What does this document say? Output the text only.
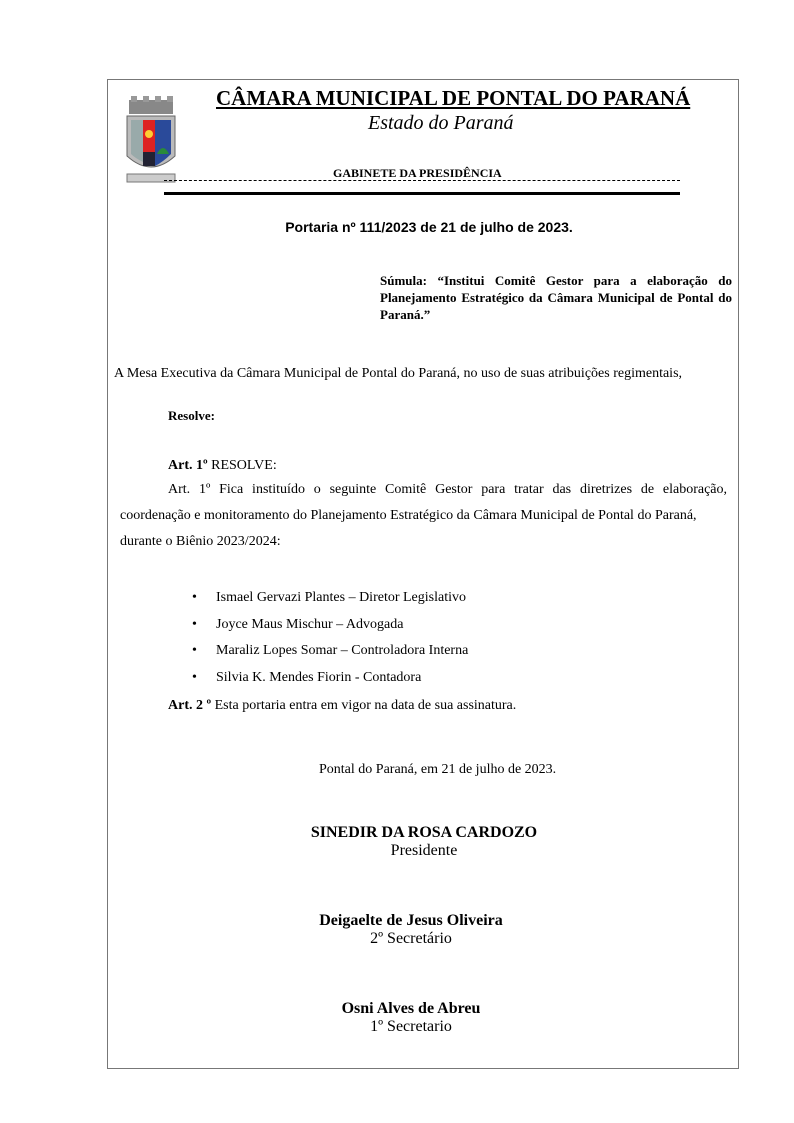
CÂMARA MUNICIPAL DE PONTAL DO PARANÁ
Estado do Paraná
GABINETE DA PRESIDÊNCIA
Portaria nº 111/2023 de 21 de julho de 2023.
Súmula: “Institui Comitê Gestor para a elaboração do Planejamento Estratégico da Câmara Municipal de Pontal do Paraná.”
A Mesa Executiva da Câmara Municipal de Pontal do Paraná, no uso de suas atribuições regimentais,
Resolve:
Art. 1º RESOLVE:
Art. 1º Fica instituído o seguinte Comitê Gestor para tratar das diretrizes de elaboração,
coordenação e monitoramento do Planejamento Estratégico da Câmara Municipal de Pontal do Paraná,
durante o Biênio 2023/2024:
• Ismael Gervazi Plantes – Diretor Legislativo
• Joyce Maus Mischur – Advogada
• Maraliz Lopes Somar – Controladora Interna
• Silvia K. Mendes Fiorin - Contadora
Art. 2 º Esta portaria entra em vigor na data de sua assinatura.
Pontal do Paraná, em 21 de julho de 2023.
SINEDIR DA ROSA CARDOZO
Presidente
Deigaelte de Jesus Oliveira
2º Secretário
Osni Alves de Abreu
1º Secretario
